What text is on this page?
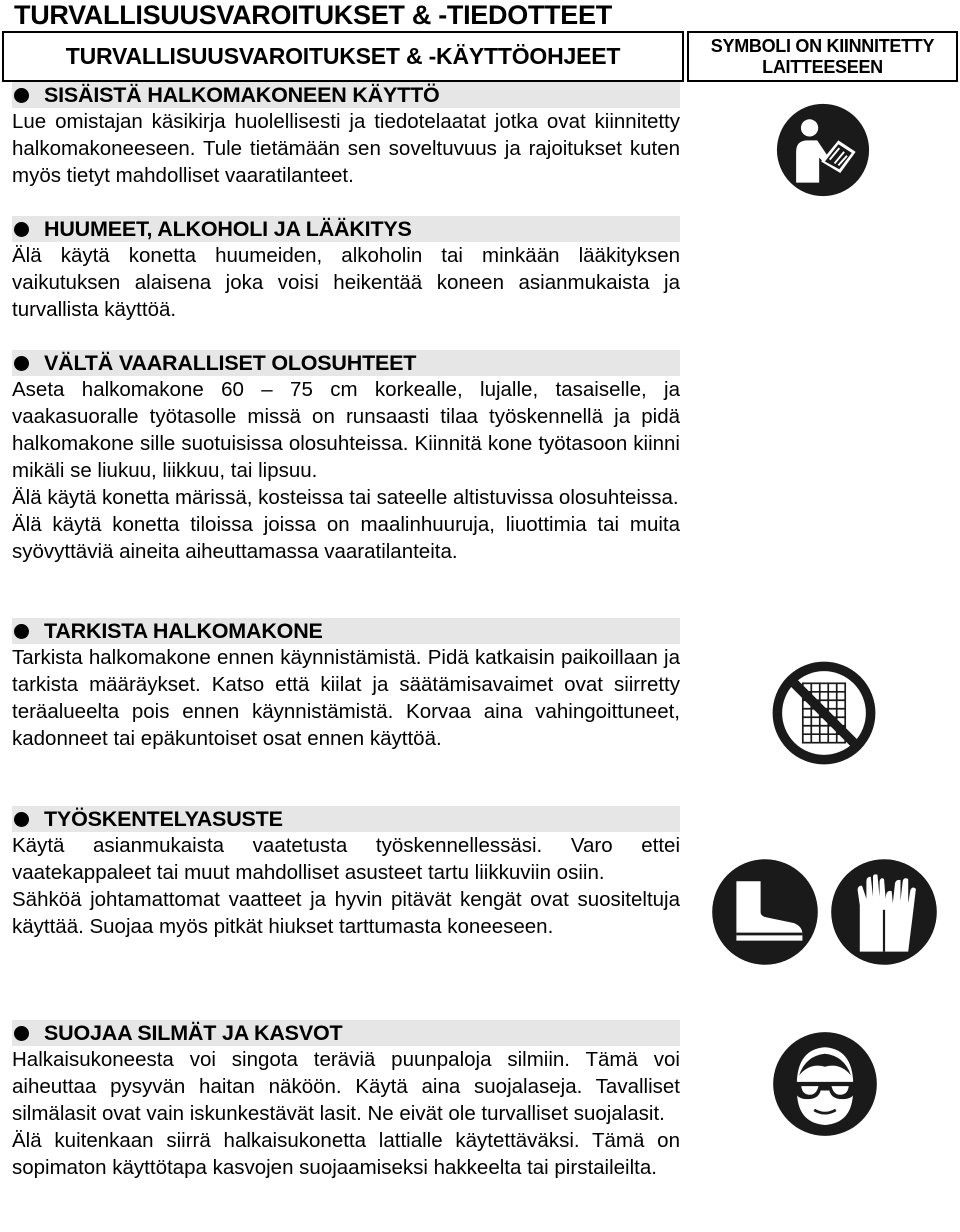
TURVALLISUUSVAROITUKSET & -TIEDOTTEET
TURVALLISUUSVAROITUKSET & -KÄYTTÖOHJEET	SYMBOLI ON KIINNITETTY
LAITTEESEEN
SISÄISTÄ HALKOMAKONEEN KÄYTTÖ

Lue omistajan käsikirja huolellisesti ja tiedotelaatat jotka ovat kiinnitetty halkomakoneeseen. Tule tietämään sen soveltuvuus ja rajoitukset kuten myös tietyt mahdolliset vaaratilanteet.

HUUMEET, ALKOHOLI JA LÄÄKITYS

Älä käytä konetta huumeiden, alkoholin tai minkään lääkityksen vaikutuksen alaisena joka voisi heikentää koneen asianmukaista ja turvallista käyttöä.

VÄLTÄ VAARALLISET OLOSUHTEET

Aseta halkomakone 60 – 75 cm korkealle, lujalle, tasaiselle, ja vaakasuoralle työtasolle missä on runsaasti tilaa työskennellä ja pidä halkomakone sille suotuisissa olosuhteissa. Kiinnitä kone työtasoon kiinni mikäli se liukuu, liikkuu, tai lipsuu.

Älä käytä konetta märissä, kosteissa tai sateelle altistuvissa olosuhteissa.

Älä käytä konetta tiloissa joissa on maalinhuuruja, liuottimia tai muita syövyttäviä aineita aiheuttamassa vaaratilanteita.

TARKISTA HALKOMAKONE

Tarkista halkomakone ennen käynnistämistä. Pidä katkaisin paikoillaan ja tarkista määräykset. Katso että kiilat ja säätämisavaimet ovat siirretty teräalueelta pois ennen käynnistämistä. Korvaa aina vahingoittuneet, kadonneet tai epäkuntoiset osat ennen käyttöä.

TYÖSKENTELYASUSTE

Käytä asianmukaista vaatetusta työskennellessäsi. Varo ettei vaatekappaleet tai muut mahdolliset asusteet tartu liikkuviin osiin.

Sähköä johtamattomat vaatteet ja hyvin pitävät kengät ovat suositeltuja käyttää. Suojaa myös pitkät hiukset tarttumasta koneeseen.

SUOJAA SILMÄT JA KASVOT

Halkaisukoneesta voi singota teräviä puunpaloja silmiin. Tämä voi aiheuttaa pysyvän haitan näköön. Käytä aina suojalaseja. Tavalliset silmälasit ovat vain iskunkestävät lasit. Ne eivät ole turvalliset suojalasit.

Älä kuitenkaan siirrä halkaisukonetta lattialle käytettäväksi. Tämä on sopimaton käyttötapa kasvojen suojaamiseksi hakkeelta tai pirstaileilta.
